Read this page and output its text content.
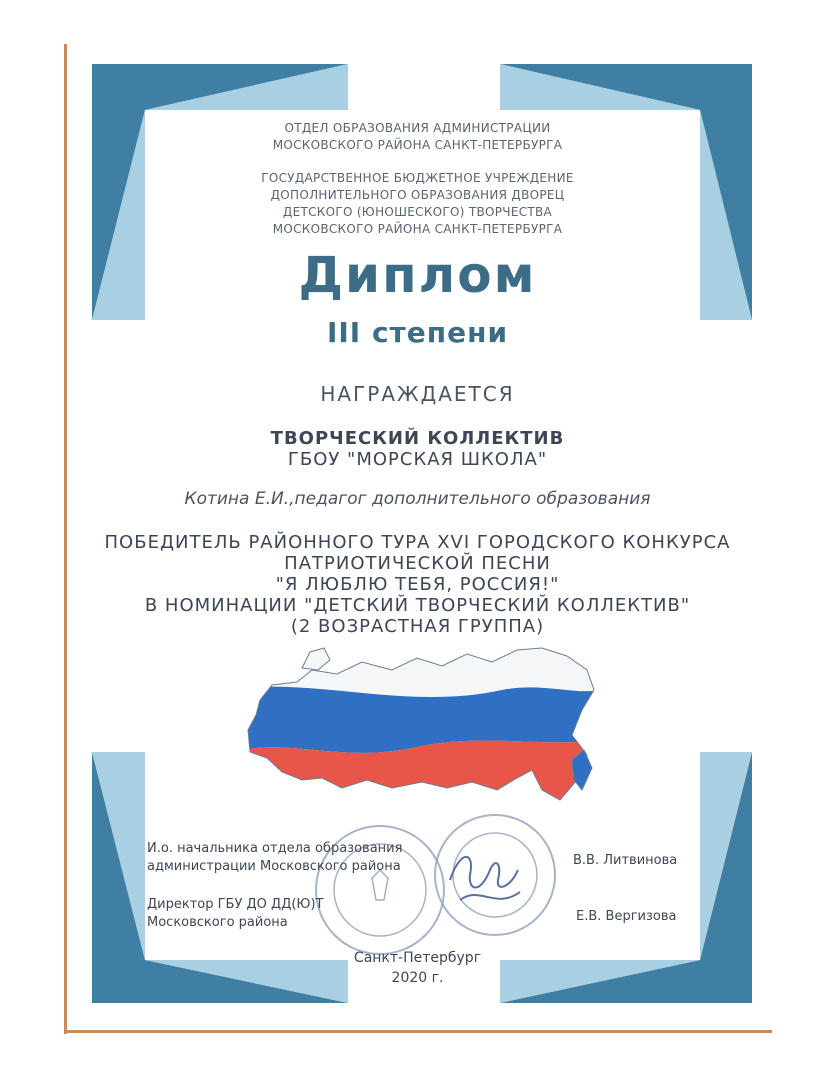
ОТДЕЛ ОБРАЗОВАНИЯ АДМИНИСТРАЦИИ
МОСКОВСКОГО РАЙОНА САНКТ-ПЕТЕРБУРГА
ГОСУДАРСТВЕННОЕ БЮДЖЕТНОЕ УЧРЕЖДЕНИЕ
ДОПОЛНИТЕЛЬНОГО ОБРАЗОВАНИЯ ДВОРЕЦ
ДЕТСКОГО (ЮНОШЕСКОГО) ТВОРЧЕСТВА
МОСКОВСКОГО РАЙОНА САНКТ-ПЕТЕРБУРГА
Диплом
III степени
НАГРАЖДАЕТСЯ
ТВОРЧЕСКИЙ КОЛЛЕКТИВ
ГБОУ "МОРСКАЯ ШКОЛА"
Котина Е.И.,педагог дополнительного образования
ПОБЕДИТЕЛЬ РАЙОННОГО ТУРА XVI ГОРОДСКОГО КОНКУРСА
ПАТРИОТИЧЕСКОЙ ПЕСНИ
"Я ЛЮБЛЮ ТЕБЯ, РОССИЯ!"
В НОМИНАЦИИ "ДЕТСКИЙ ТВОРЧЕСКИЙ КОЛЛЕКТИВ"
(2 ВОЗРАСТНАЯ ГРУППА)
И.о. начальника отдела образования
администрации Московского района	В.В. Литвинова
Директор ГБУ ДО ДД(Ю)Т
Московского района	Е.В. Вергизова
Санкт-Петербург
2020 г.
